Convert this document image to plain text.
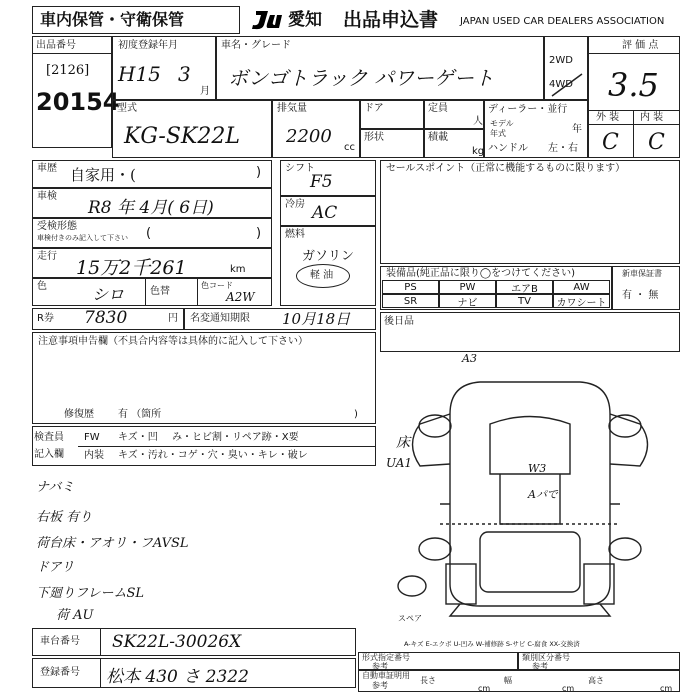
車内保管・守衛保管	愛知 出品申込書 JAPAN USED CAR DEALERS ASSOCIATION
出品番号
[2126]
20154
初度登録年月
H15 3
月
車名・グレード
ボンゴトラック パワーゲート
2WD
4WD
評 価 点
3.5
型式
KG-SK22L
排気量
2200
cc
ドア	定員
人
形状	積載
kg
ディーラー・並行
モデル
年式	年
ハンドル 左・右
外 装 内 装
C C
車歴 自家用・(	)
車検
R8 年 4月( 6日)
受検形態
車検付きのみ記入して下さい (	)
走行
15万2千261	km
色	シロ	色替
色コード
A2W
シフト
F5
冷房 AC
燃料
ガソリン
軽 油
R券 7830	円 名変通知期限 10月18日
セールスポイント（正常に機能するものに限ります）
装備品(純正品に限り◯をつけてください)
PS	PW	エアB	AW
SR	ナビ	TV	カワシート
新車保証書
有 ・ 無
後日品
注意事項申告欄（不具合内容等は具体的に記入して下さい）
修復歴 有 （箇所	)
検査員
記入欄
FW キズ・凹 み・ヒビ割・リペア跡・X要
内装 キズ・汚れ・コゲ・穴・臭い・キレ・破レ
ナバミ
右板 有り
荷台床・アオリ・フAVSL
ドアリ
下廻りフレームSL
荷 AU
A3
床
UA1	W3
Aパで
スペア
A-キズ E-エクボ U-凹み W-補修跡 S-サビ C-腐食 XX-交換済
車台番号 SK22L-30026X
登録番号 松本 430 さ 2322
形式指定番号
参考
類別区分番号
参考
自動車証明用
参考
長さ
cm
幅
cm
高さ
cm
